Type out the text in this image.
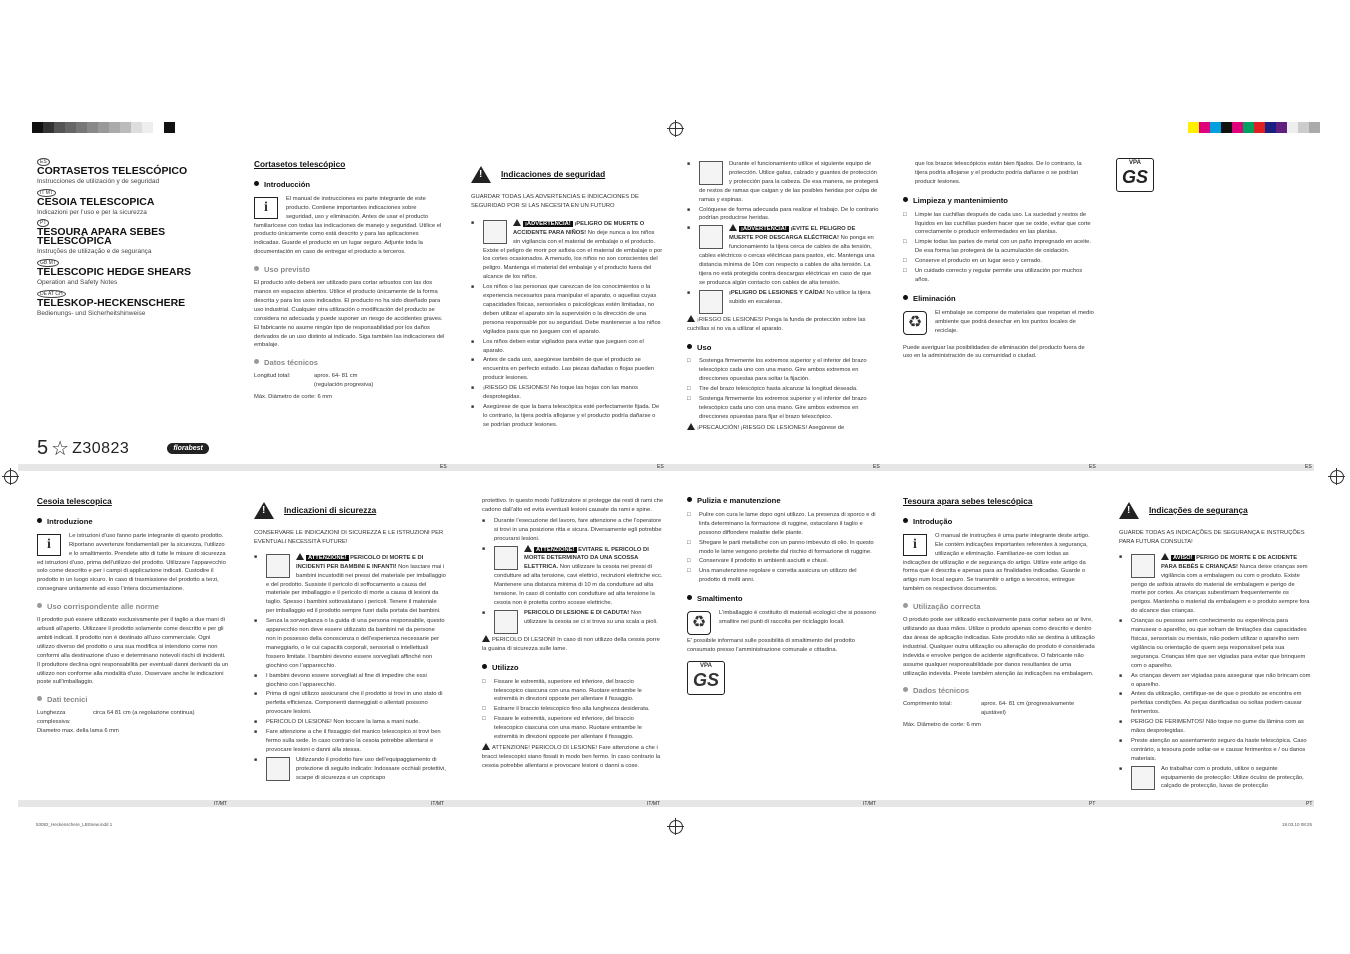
ES	ES	ES	ES	ES
IT/MT	IT/MT	IT/MT	IT/MT	PT	PT
53082_Heckenschere_LBSnew.indd 1	19.03.10 08:25
ES

CORTASETOS TELESCÓPICO

Instrucciones de utilización y de seguridad

IT MT

CESOIA TELESCOPICA

Indicazioni per l’uso e per la sicurezza

PT

TESOURA APARA SEBES TELESCÓPICA

Instruções de utilização e de segurança

GB MT

TELESCOPIC HEDGE SHEARS

Operation and Safety Notes

DE AT CH

TELESKOP-HECKENSCHERE

Bedienungs- und Sicherheitshinweise

5 ☆ Z30823	florabest
Cortasetos telescópico
Introducción
i

El manual de instrucciones es parte integrante de este producto. Contiene importantes indicaciones sobre seguridad, uso y eliminación. Antes de usar el producto familiarícese con todas las indicaciones de manejo y seguridad. Utilice el producto únicamente como está descrito y para las aplicaciones indicadas. Guarde el producto en un lugar seguro. Adjunte toda la documentación en caso de entregar el producto a terceros.

Uso previsto

El producto sólo deberá ser utilizado para cortar arbustos con las dos manos en espacios abiertos. Utilice el producto únicamente de la forma descrita y para los usos indicados. El producto no ha sido diseñado para uso industrial. Cualquier otra utilización o modificación del producto se considera no adecuada y puede suponer un riesgo de accidentes graves. El fabricante no asume ningún tipo de responsabilidad por los daños derivados de un uso distinto al indicado. Siga también las indicaciones del embalaje.

Datos técnicos
Longitud total:	aprox. 64- 81 cm
(regulación progresiva)

Máx. Diámetro de corte: 6 mm

!
Indicaciones de seguridad

GUARDAR TODAS LAS ADVERTENCIAS E INDICACIONES DE SEGURIDAD POR SI LAS NECESITA EN UN FUTURO

■ ¡ADVERTENCIA! ¡PELIGRO DE MUERTE O ACCIDENTE PARA NIÑOS! No deje nunca a los niños sin vigilancia con el material de embalaje o el producto. Existe el peligro de morir por asfixia con el material de embalaje o por los cortes ocasionados. A menudo, los niños no son conscientes del peligro. Mantenga el material del embalaje y el producto fuera del alcance de los niños.
■ Los niños o las personas que carezcan de los conocimientos o la experiencia necesarios para manipular el aparato, o aquellas cuyas capacidades físicas, sensoriales o psicológicas estén limitadas, no deben utilizar el aparato sin la supervisión o la dirección de una persona responsable por su seguridad. Debe mantenerse a los niños vigilados para que no jueguen con el aparato.
■ Los niños deben estar vigilados para evitar que jueguen con el aparato.
■ Antes de cada uso, asegúrese también de que el producto se encuentra en perfecto estado. Las piezas dañadas o flojas pueden producir lesiones.
■ ¡RIESGO DE LESIONES! No toque las hojas con las manos desprotegidas.
■ Asegúrese de que la barra telescópica esté perfectamente fijada. De lo contrario, la tijera podría aflojarse y el producto podría dañarse o se podrían producir lesiones.
■ Durante el funcionamiento utilice el siguiente equipo de protección. Utilice gafas, calzado y guantes de protección y protección para la cabeza. De esa manera, se protegerá de restos de ramas que caigan y de las posibles heridas por culpa de ramas y espinas.
■ Colóquese de forma adecuada para realizar el trabajo. De lo contrario podrían producirse heridas.
■ ¡ADVERTENCIA! ¡EVITE EL PELIGRO DE MUERTE POR DESCARGA ELÉCTRICA! No ponga en funcionamiento la tijera cerca de cables de alta tensión, cables eléctricos o cercas eléctricas para pastos, etc. Mantenga una distancia mínima de 10m con respecto a cables de alta tensión. La tijera no está protegida contra descargas eléctricas en caso de que se produzca algún contacto con cables de alta tensión.
■ ¡PELIGRO DE LESIONES Y CAÍDA! No utilice la tijera subido en escaleras.

¡RIESGO DE LESIONES! Ponga la funda de protección sobre las cuchillas si no va a utilizar el aparato.

Uso
□ Sostenga firmemente los extremos superior y el inferior del brazo telescópico cada uno con una mano. Gire ambos extremos en direcciones opuestas para soltar la fijación.
□ Tire del brazo telescópico hasta alcanzar la longitud deseada.
□ Sostenga firmemente los extremos superior y el inferior del brazo telescópico cada uno con una mano. Gire ambos extremos en direcciones opuestas para fijar el brazo telescópico.

¡PRECAUCIÓN! ¡RIESGO DE LESIONES! Asegúrese de

que los brazos telescópicos están bien fijados. De lo contrario, la tijera podría aflojarse y el producto podría dañarse o se podrían producir lesiones.

Limpieza y mantenimiento
□ Limpie las cuchillas después de cada uso. La suciedad y restos de líquidos en las cuchillas pueden hacer que se oxide, evitar que corte correctamente o producir enfermedades en las plantas.
□ Limpie todas las partes de metal con un paño impregnado en aceite. De esa forma las protegerá de la acumulación de oxidación.
□ Conserve el producto en un lugar seco y cerrado.
□ Un cuidado correcto y regular permite una utilización por muchos años.
Eliminación
♻

El embalaje se compone de materiales que respetan el medio ambiente que podrá desechar en los puntos locales de reciclaje.

Puede averiguar las posibilidades de eliminación del producto fuera de uso en la administración de su comunidad o ciudad.

VPA
GS
Cesoia telescopica
Introduzione
i

Le istruzioni d’uso fanno parte integrante di questo prodotto. Riportano avvertenze fondamentali per la sicurezza, l’utilizzo e lo smaltimento. Prendete atto di tutte le misure di sicurezza ed istruzioni d’uso, prima dell’utilizzo del prodotto. Utilizzare l’apparecchio solo come descritto e per i campi di applicazione indicati. Custodire il prodotto in un luogo sicuro. In caso di trasmissione del prodotto a terzi, consegnare unitamente ad esso l’intera documentazione.

Uso corrispondente alle norme

Il prodotto può essere utilizzato esclusivamente per il taglio a due mani di arbusti all’aperto. Utilizzare il prodotto solamente come descritto e per gli ambiti indicati. Il prodotto non è destinato all’uso commerciale. Ogni utilizzo diverso del prodotto o una sua modifica si intendono come non conformi alla destinazione d’uso e determinano notevoli rischi di incidenti. Il produttore declina ogni responsabilità per eventuali danni derivanti da un utilizzo non conforme alla modalità d’uso. Osservare anche le indicazioni poste sull’imballaggio.

Dati tecnici
Lunghezza complessiva:
circa 64 81 cm (a regolazione continua)

Diametro max. della lama 6 mm

!
Indicazioni di sicurezza

CONSERVARE LE INDICAZIONI DI SICUREZZA E LE ISTRUZIONI PER EVENTUALI NECESSITÀ FUTURE!

■ ATTENZIONE! PERICOLO DI MORTE E DI INCIDENTI PER BAMBINI E INFANTI! Non lasciare mai i bambini incustoditi nei pressi del materiale per imballaggio e del prodotto. Sussiste il pericolo di soffocamento a causa del materiale per imballaggio e il pericolo di morte a causa di lesioni da taglio. Spesso i bambini sottovalutano i pericoli. Tenere il materiale per imballaggio ed il prodotto sempre fuori dalla portata dei bambini.
■ Senza la sorveglianza o la guida di una persona responsabile, questo apparecchio non deve essere utilizzato da bambini né da persone non in possesso della conoscenza o dell’esperienza necessarie per maneggiarlo, o le cui capacità corporali, sensoriali o intellettuali fossero limitate. I bambini devono essere sorvegliati affinché non giochino con l’apparecchio.
■ I bambini devono essere sorvegliati al fine di impedire che essi giochino con l’apparecchio.
■ Prima di ogni utilizzo assicurarsi che il prodotto si trovi in uno stato di perfetta efficienza. Componenti danneggiati o allentati possono provocare lesioni.
■ PERICOLO DI LESIONE! Non toccare la lama a mani nude.
■ Fare attenzione a che il fissaggio del manico telescopico si trovi ben fermo sulla sede. In caso contrario la cesoia potrebbe allentarsi e provocare lesioni o danni alla stessa.
■ Utilizzando il prodotto fare uso dell’equipaggiamento di protezione di seguito indicato: Indossare occhiali protettivi, scarpe di sicurezza e un copricapo

protettivo. In questo modo l’utilizzatore si protegge dai resti di rami che cadono dall’alto ed evita eventuali lesioni causate da rami e spine.

■ Durante l’esecuzione del lavoro, fare attenzione a che l’operatore si trovi in una posizione ritta e sicura. Diversamente egli potrebbe procurarsi lesioni.
■ ATTENZIONE! EVITARE IL PERICOLO DI MORTE DETERMINATO DA UNA SCOSSA ELETTRICA. Non utilizzare la cesoia nei pressi di condutture ad alta tensione, cavi elettrici, recinzioni elettriche ecc. Mantenere una distanza minima di 10 m da condutture ad alta tensione. In caso di contatto con condutture ad alta tensione la cesoia non è protetta contro scosse elettriche.
■ PERICOLO DI LESIONE E DI CADUTA! Non utilizzare la cesoia se ci si trova su una scala a pioli.

PERICOLO DI LESIONI! In caso di non utilizzo della cesoia porre la guaina di sicurezza sulle lame.

Utilizzo
□ Fissare le estremità, superiore ed inferiore, del braccio telescopico ciascuna con una mano. Ruotare entrambe le estremità in direzioni opposte per allentare il fissaggio.
□ Estrarre il braccio telescopico fino alla lunghezza desiderata.
□ Fissare le estremità, superiore ed inferiore, del braccio telescopico ciascuna con una mano. Ruotare entrambe le estremità in direzioni opposte per allentare il fissaggio.

ATTENZIONE! PERICOLO DI LESIONE! Fare attenzione a che i bracci telescopici siano fissati in modo ben fermo. In caso contrario la cesoia potrebbe allentarsi e provocare lesioni o danni a cose.

Pulizia e manutenzione
□ Pulire con cura le lame dopo ogni utilizzo. La presenza di sporco e di linfa determinano la formazione di ruggine, ostacolano il taglio e possono diffondere malattie delle piante.
□ Sfregare le parti metalliche con un panno imbevuto di olio. In questo modo le lame vengono protette dal rischio di formazione di ruggine.
□ Conservare il prodotto in ambienti asciutti e chiusi.
□ Una manutenzione regolare e corretta assicura un utilizzo del prodotto di molti anni.
Smaltimento
♻

L’imballaggio è costituito di materiali ecologici che si possono smaltire nei punti di raccolta per riciclaggio locali.

E’ possibile informarsi sulle possibilità di smaltimento del prodotto consumato presso l’amministrazione comunale e cittadina.

VPA
GS
Tesoura apara sebes telescópica
Introdução
i

O manual de instruções é uma parte integrante deste artigo. Ele contém indicações importantes referentes à segurança, utilização e eliminação. Familiarize-se com todas as indicações de utilização e de segurança do artigo. Utilize este artigo da forma que é descrita e apenas para as finalidades indicadas. Guarde o artigo num local seguro. Se transmitir o artigo a terceiros, entregue também os respectivos documentos.

Utilização correcta

O produto pode ser utilizado exclusivamente para cortar sebes ao ar livre, utilizando as duas mãos. Utilize o produto apenas como descrito e dentro das áreas de aplicação indicadas. Este produto não se destina à utilização industrial. Qualquer outra utilização ou alteração do produto é considerada indevida e envolve perigos de acidente significativos. O fabricante não assume qualquer responsabilidade por danos resultantes de uma utilização indevida. Preste também atenção às indicações na embalagem.

Dados técnicos
Comprimento total:	aprox. 64- 81 cm (progressivamente ajustável)

Máx. Diâmetro de corte: 6 mm

!
Indicações de segurança

GUARDE TODAS AS INDICAÇÕES DE SEGURANÇA E INSTRUÇÕES PARA FUTURA CONSULTA!

■ AVISO! PERIGO DE MORTE E DE ACIDENTE PARA BEBÉS E CRIANÇAS! Nunca deixe crianças sem vigilância com a embalagem ou com o produto. Existe perigo de asfixia através do material de embalagem e perigo de morte por cortes. As crianças subestimam frequentemente os perigos. Mantenha o material da embalagem e o produto sempre fora do alcance das crianças.
■ Crianças ou pessoas sem conhecimento ou experiência para manusear o aparelho, ou que sofram de limitações das capacidades físicas, sensoriais ou mentais, não podem utilizar o aparelho sem vigilância ou orientação de quem seja responsável pela sua segurança. Crianças têm que ser vigiadas para evitar que brinquem com o aparelho.
■ As crianças devem ser vigiadas para assegurar que não brincam com o aparelho.
■ Antes da utilização, certifique-se de que o produto se encontra em perfeitas condições. As peças danificadas ou soltas podem causar ferimentos.
■ PERIGO DE FERIMENTOS! Não toque no gume da lâmina com as mãos desprotegidas.
■ Preste atenção ao assentamento seguro da haste telescópica. Caso contrário, a tesoura pode soltar-se e causar ferimentos e / ou danos materiais.
■ Ao trabalhar com o produto, utilize o seguinte equipamento de protecção: Utilize óculos de protecção, calçado de protecção, luvas de protecção
